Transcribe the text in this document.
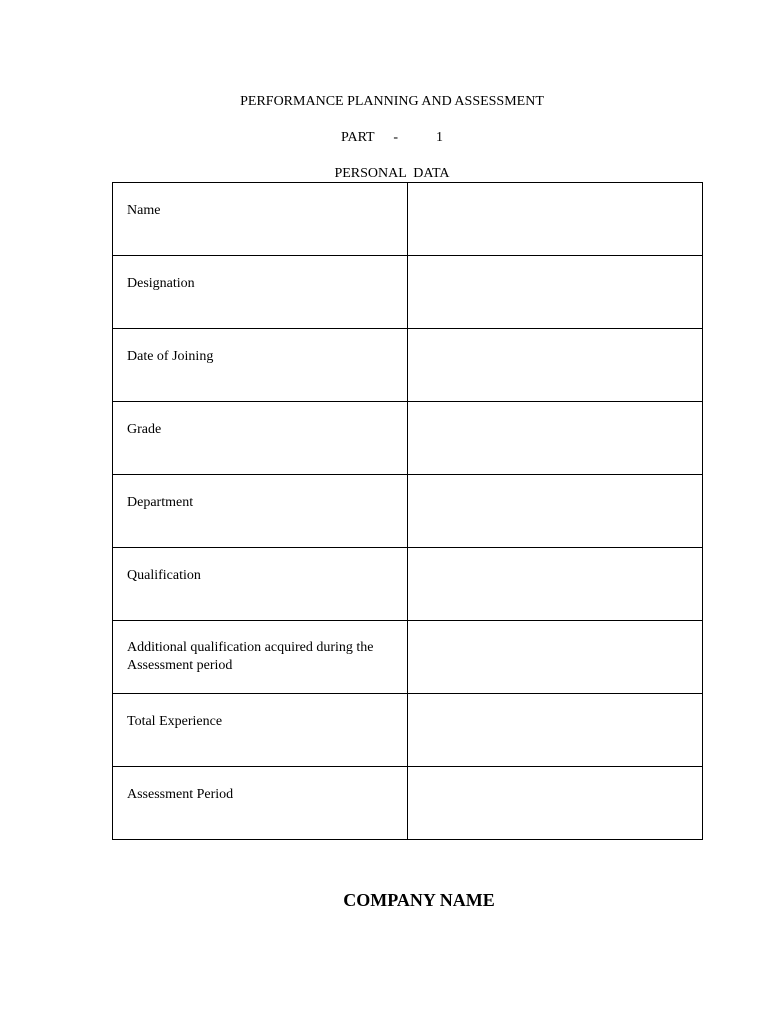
PERFORMANCE PLANNING AND ASSESSMENT
PART  -    1
PERSONAL  DATA
Name	

Designation	

Date of Joining	

Grade	

Department	

Qualification	

Additional qualification acquired during the Assessment period	

Total Experience	

Assessment Period	

COMPANY NAME
